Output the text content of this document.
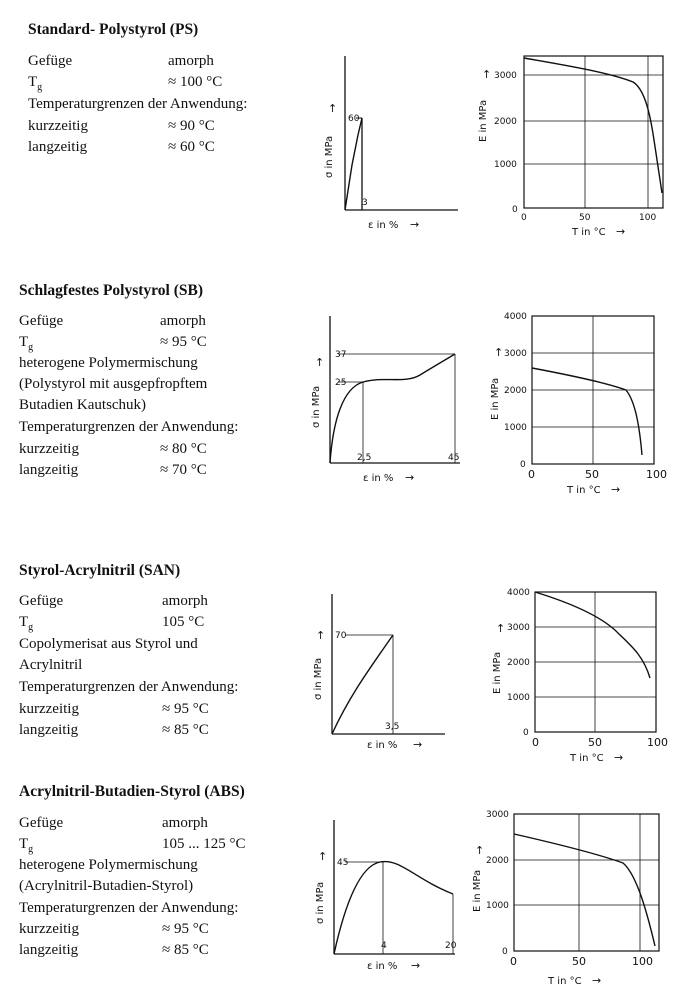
Standard- Polystyrol (PS)
Gefüge	amorph
$T_g$	≈ 100 °C
Temperaturgrenzen der Anwendung:
kurzzeitig	≈ 90 °C
langzeitig	≈ 60 °C
60
3
σ in MPa
↑
ε in % →
3000
2000
1000
0
0	50	100
E in MPa
↑
T in °C →
Schlagfestes Polystyrol (SB)
Gefüge	amorph
$T_g$	≈ 95 °C
heterogene Polymermischung
(Polystyrol mit ausgepfropftem
Butadien Kautschuk)
Temperaturgrenzen der Anwendung:
kurzzeitig	≈ 80 °C
langzeitig	≈ 70 °C
25
37
2,5	45
σ in MPa
↑
ε in % →
4000
3000
2000
1000
0
0	50	100
E in MPa
↑
T in °C →
Styrol-Acrylnitril (SAN)
Gefüge	amorph
$T_g$	105 °C
Copolymerisat aus Styrol und
Acrylnitril
Temperaturgrenzen der Anwendung:
kurzzeitig	≈ 95 °C
langzeitig	≈ 85 °C
70
3,5
σ in MPa
↑
ε in % →
4000
3000
2000
1000
0
0	50	100
E in MPa
↑
T in °C →
Acrylnitril-Butadien-Styrol (ABS)
Gefüge	amorph
$T_g$	105 ... 125 °C
heterogene Polymermischung
(Acrylnitril-Butadien-Styrol)
Temperaturgrenzen der Anwendung:
kurzzeitig	≈ 95 °C
langzeitig	≈ 85 °C
45
4	20
σ in MPa
↑
ε in % →
3000
2000
1000
0
0	50	100
E in MPa
↑
T in °C →
